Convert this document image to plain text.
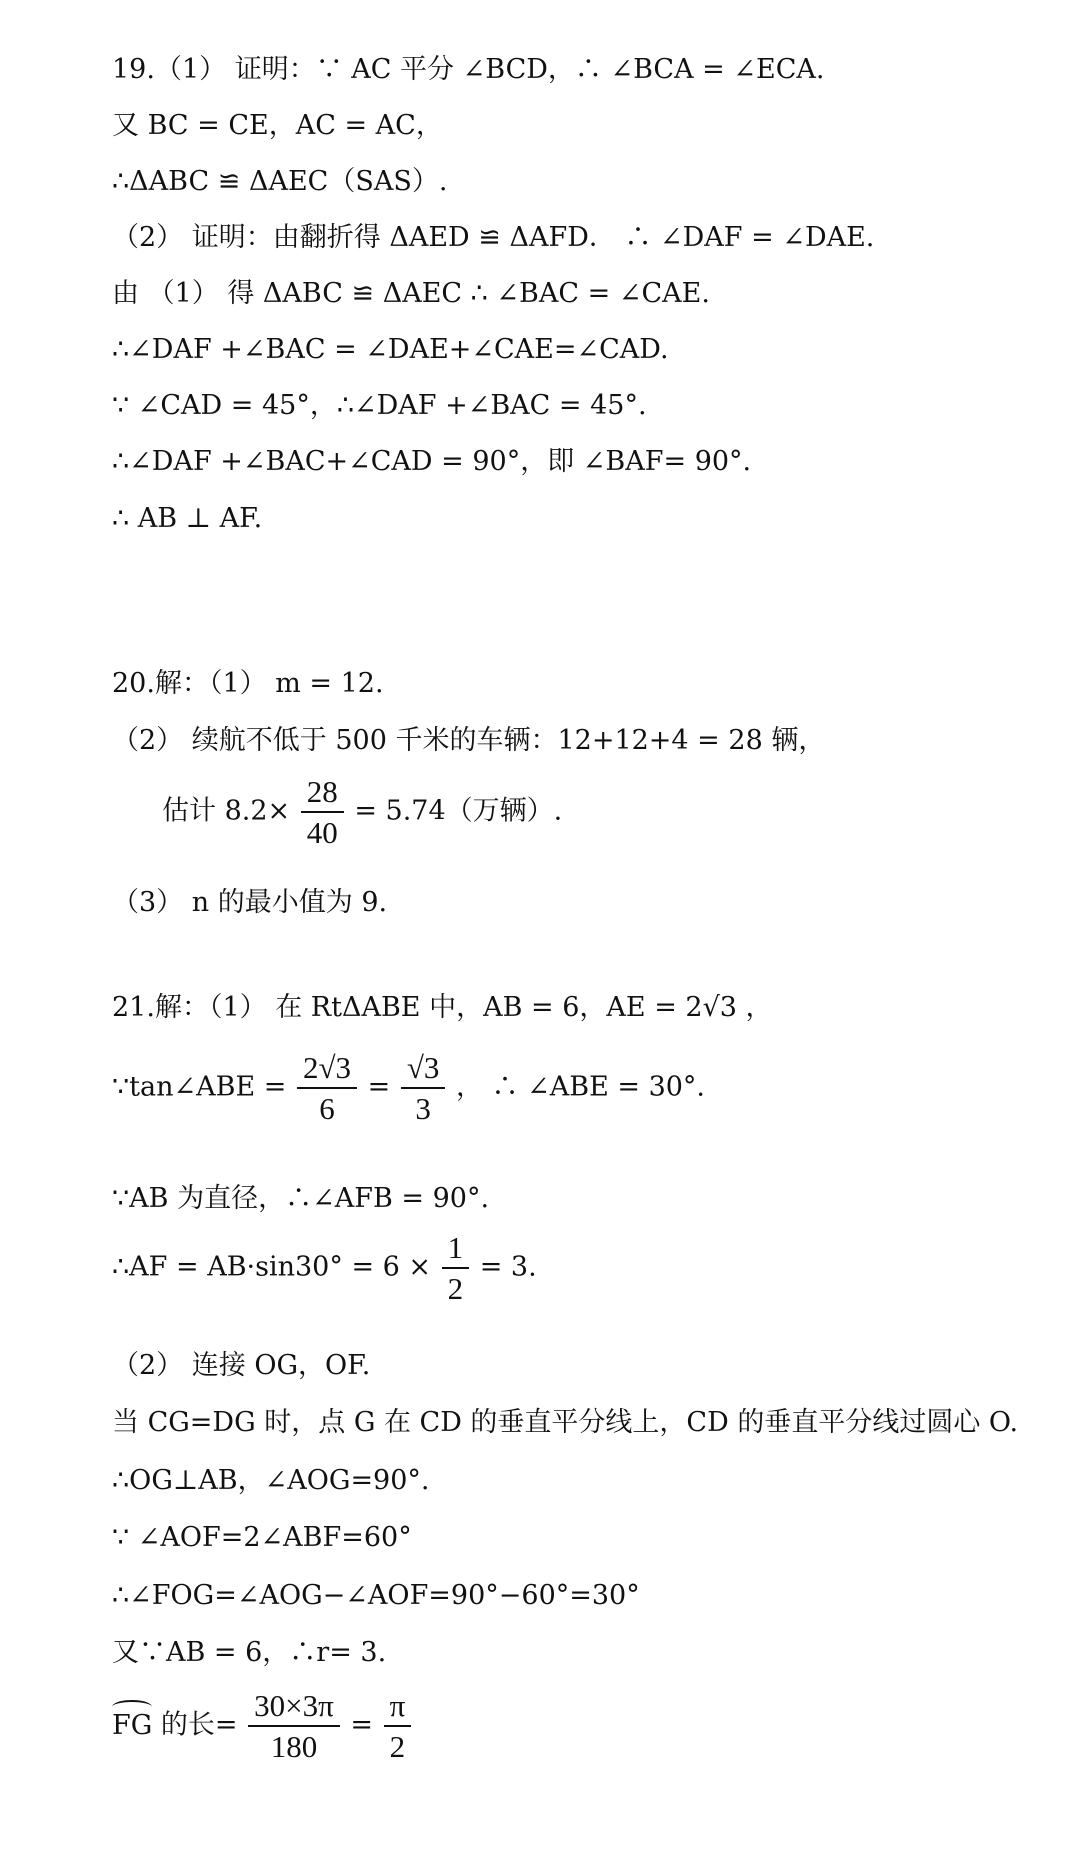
19.（1） 证明：∵ AC 平分 ∠BCD，∴ ∠BCA = ∠ECA.
又 BC = CE，AC = AC，
∴ΔABC ≌ ΔAEC（SAS）.
（2） 证明：由翻折得 ΔAED ≌ ΔAFD． ∴ ∠DAF = ∠DAE.
由 （1） 得 ΔABC ≌ ΔAEC ∴ ∠BAC = ∠CAE.
∴∠DAF +∠BAC = ∠DAE+∠CAE=∠CAD.
∵ ∠CAD = 45°，∴∠DAF +∠BAC = 45°.
∴∠DAF +∠BAC+∠CAD = 90°，即 ∠BAF= 90°.
∴ AB ⊥ AF.
20.解：（1） m = 12.
（2） 续航不低于 500 千米的车辆：12+12+4 = 28 辆，
估计 $8.2\times \frac{28}{40} = 5.74$（万辆）.
（3） n 的最小值为 9.
21.解：（1） 在 RtΔABE 中，AB = 6，AE = 2√3 ，
∵tan∠ABE = $\frac{2√3}{6} = \frac{√3}{3}$ ， ∴ ∠ABE = 30°.
∵AB 为直径，∴∠AFB = 90°.
∴AF = $AB\cdot\sin 30^\circ = 6 \times \frac{1}{2} = 3$.
（2） 连接 OG，OF.
当 CG=DG 时，点 G 在 CD 的垂直平分线上，CD 的垂直平分线过圆心 O.
∴OG⊥AB，∠AOG=90°.
∵ ∠AOF=2∠ABF=60°
∴∠FOG=∠AOG−∠AOF=90°−60°=30°
又∵AB = 6，∴r= 3.
FG 的长= $\frac{30\times 3\pi}{180} = \frac{\pi}{2}$
